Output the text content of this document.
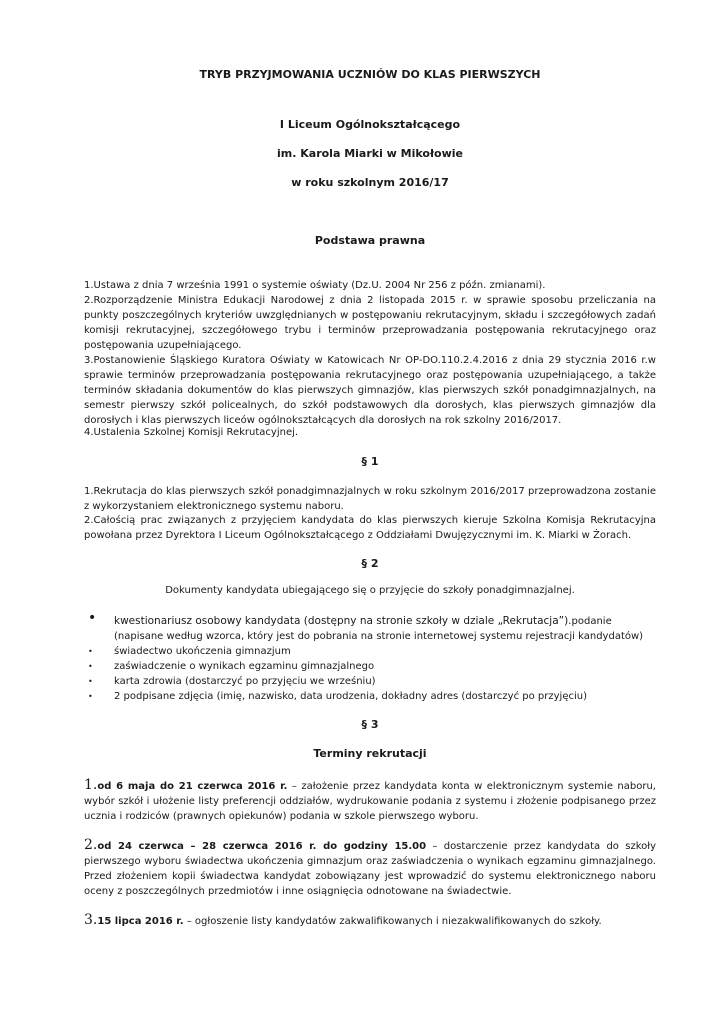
TRYB PRZYJMOWANIA UCZNIÓW DO KLAS PIERWSZYCH

I Liceum Ogólnokształcącego

im. Karola Miarki w Mikołowie

w roku szkolnym 2016/17

Podstawa prawna

1.Ustawa z dnia 7 września 1991 o systemie oświaty (Dz.U. 2004 Nr 256 z późn. zmianami).

2.Rozporządzenie Ministra Edukacji Narodowej z dnia 2 listopada 2015 r. w sprawie sposobu przeliczania na punkty poszczególnych kryteriów uwzględnianych w postępowaniu rekrutacyjnym, składu i szczegółowych zadań komisji rekrutacyjnej, szczegółowego trybu i terminów przeprowadzania postępowania rekrutacyjnego oraz postępowania uzupełniającego.

3.Postanowienie Śląskiego Kuratora Oświaty w Katowicach Nr OP-DO.110.2.4.2016 z dnia 29 stycznia 2016 r.w sprawie terminów przeprowadzania postępowania rekrutacyjnego oraz postępowania uzupełniającego, a także terminów składania dokumentów do klas pierwszych gimnazjów, klas pierwszych szkół ponadgimnazjalnych, na semestr pierwszy szkół policealnych, do szkół podstawowych dla dorosłych, klas pierwszych gimnazjów dla dorosłych i klas pierwszych liceów ogólnokształcących dla dorosłych na rok szkolny 2016/2017.

4.Ustalenia Szkolnej Komisji Rekrutacyjnej.

§ 1

1.Rekrutacja do klas pierwszych szkół ponadgimnazjalnych w roku szkolnym 2016/2017 przeprowadzona zostanie z wykorzystaniem elektronicznego systemu naboru.

2.Całością prac związanych z przyjęciem kandydata do klas pierwszych kieruje Szkolna Komisja Rekrutacyjna powołana przez Dyrektora I Liceum Ogólnokształcącego z Oddziałami Dwujęzycznymi im. K. Miarki w Żorach.

§ 2

Dokumenty kandydata ubiegającego się o przyjęcie do szkoły ponadgimnazjalnej.

• kwestionariusz osobowy kandydata (dostępny na stronie szkoły w dziale „Rekrutacja”).podanie (napisane według wzorca, który jest do pobrania na stronie internetowej systemu rejestracji kandydatów)
• świadectwo ukończenia gimnazjum
• zaświadczenie o wynikach egzaminu gimnazjalnego
• karta zdrowia (dostarczyć po przyjęciu we wrześniu)
• 2 podpisane zdjęcia (imię, nazwisko, data urodzenia, dokładny adres (dostarczyć po przyjęciu)

§ 3

Terminy rekrutacji

1.od 6 maja do 21 czerwca 2016 r. – założenie przez kandydata konta w elektronicznym systemie naboru, wybór szkół i ułożenie listy preferencji oddziałów, wydrukowanie podania z systemu i złożenie podpisanego przez ucznia i rodziców (prawnych opiekunów) podania w szkole pierwszego wyboru.

2.od 24 czerwca – 28 czerwca 2016 r. do godziny 15.00 – dostarczenie przez kandydata do szkoły pierwszego wyboru świadectwa ukończenia gimnazjum oraz zaświadczenia o wynikach egzaminu gimnazjalnego. Przed złożeniem kopii świadectwa kandydat zobowiązany jest wprowadzić do systemu elektronicznego naboru oceny z poszczególnych przedmiotów i inne osiągnięcia odnotowane na świadectwie.

3.15 lipca 2016 r. – ogłoszenie listy kandydatów zakwalifikowanych i niezakwalifikowanych do szkoły.
